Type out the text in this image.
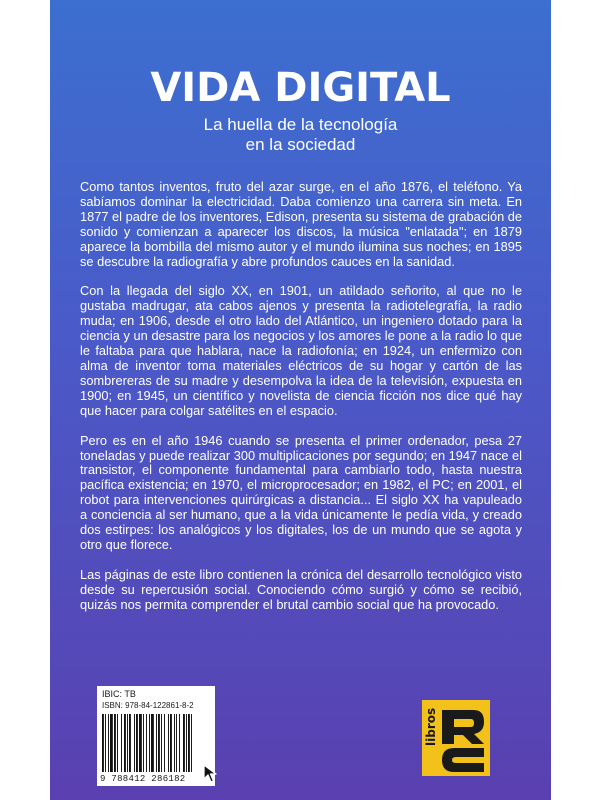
VIDA DIGITAL
La huella de la tecnología
en la sociedad

Como tantos inventos, fruto del azar surge, en el año 1876, el teléfono. Ya sabíamos dominar la electricidad. Daba comienzo una carrera sin meta. En 1877 el padre de los inventores, Edison, presenta su sistema de grabación de sonido y comienzan a aparecer los discos, la música "enlatada"; en 1879 aparece la bombilla del mismo autor y el mundo ilumina sus noches; en 1895 se descubre la radiografía y abre profundos cauces en la sanidad.

Con la llegada del siglo XX, en 1901, un atildado señorito, al que no le gustaba madrugar, ata cabos ajenos y presenta la radiotelegrafía, la radio muda; en 1906, desde el otro lado del Atlántico, un ingeniero dotado para la ciencia y un desastre para los negocios y los amores le pone a la radio lo que le faltaba para que hablara, nace la radiofonía; en 1924, un enfermizo con alma de inventor toma materiales eléctricos de su hogar y cartón de las sombrereras de su madre y desempolva la idea de la televisión, expuesta en 1900; en 1945, un científico y novelista de ciencia ficción nos dice qué hay que hacer para colgar satélites en el espacio.

Pero es en el año 1946 cuando se presenta el primer ordenador, pesa 27 toneladas y puede realizar 300 multiplicaciones por segundo; en 1947 nace el transistor, el componente fundamental para cambiarlo todo, hasta nuestra pacífica existencia; en 1970, el microprocesador; en 1982, el PC; en 2001, el robot para intervenciones quirúrgicas a distancia... El siglo XX ha vapuleado a conciencia al ser humano, que a la vida únicamente le pedía vida, y creado dos estirpes: los analógicos y los digitales, los de un mundo que se agota y otro que florece.

Las páginas de este libro contienen la crónica del desarrollo tecnológico visto desde su repercusión social. Conociendo cómo surgió y cómo se recibió, quizás nos permita comprender el brutal cambio social que ha provocado.

IBIC: TB
ISBN: 978-84-122861-8-2
9 788412 286182
libros
